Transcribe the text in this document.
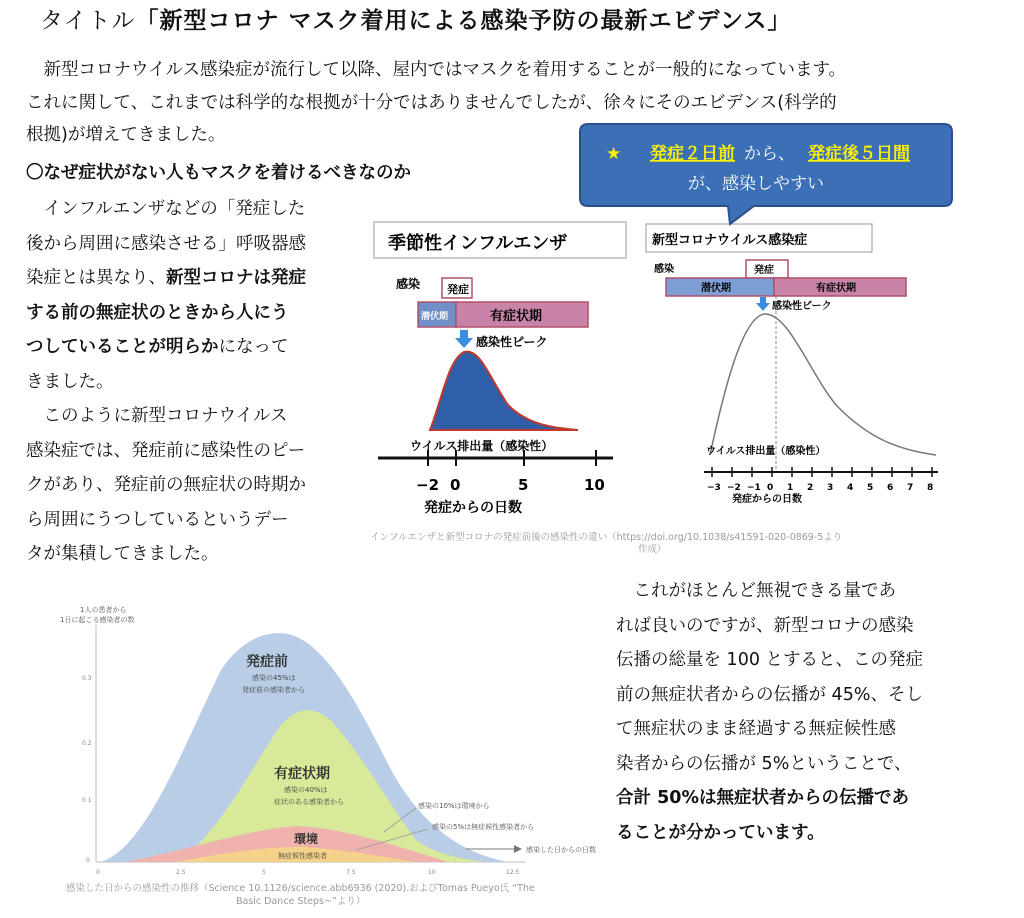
タイトル「新型コロナ マスク着用による感染予防の最新エビデンス」
　新型コロナウイルス感染症が流行して以降、屋内ではマスクを着用することが一般的になっています。
これに関して、これまでは科学的な根拠が十分ではありませんでしたが、徐々にそのエビデンス(科学的
根拠)が増えてきました。
〇なぜ症状がない人もマスクを着けるべきなのか
　インフルエンザなどの「発症した
後から周囲に感染させる」呼吸器感
染症とは異なり、新型コロナは発症
する前の無症状のときから人にう
つしていることが明らかになって
きました。
　このように新型コロナウイルス
感染症では、発症前に感染性のピー
クがあり、発症前の無症状の時期か
ら周囲にうつしているというデー
タが集積してきました。
季節性インフルエンザ
感染 発症
潜伏期	有症状期
感染性ピーク
ウイルス排出量（感染性）
−2 0	5	10
発症からの日数
新型コロナウイルス感染症
感染	発症
潜伏期	有症状期
感染性ピーク
ウイルス排出量（感染性）
−3 −2 −1 0 1 2 3 4 5 6 7 8
発症からの日数
インフルエンザと新型コロナの発症前後の感染性の違い（https://doi.org/10.1038/s41591-020-0869-5より
作成）
★ 発症２日前 から、 発症後５日間
が、感染しやすい
1人の患者から
1日に起こる感染者の数
0.3
0.2
0.1
0
発症前
感染の45%は
発症前の感染者から
有症状期
感染の40%は
症状のある感染者から
環境
無症候性感染者
感染の10%は環境から
感染の5%は無症候性感染者から
0	2.5	5	7.5	10	12.5
感染した日からの日数
感染した日からの感染性の推移（Science 10.1126/science.abb6936 (2020).およびTomas Pueyo氏 “The
Basic Dance Steps~”より）
　これがほとんど無視できる量であ
れば良いのですが、新型コロナの感染
伝播の総量を 100 とすると、この発症
前の無症状者からの伝播が 45%、そし
て無症状のまま経過する無症候性感
染者からの伝播が 5%ということで、
合計 50%は無症状者からの伝播であ
ることが分かっています。
